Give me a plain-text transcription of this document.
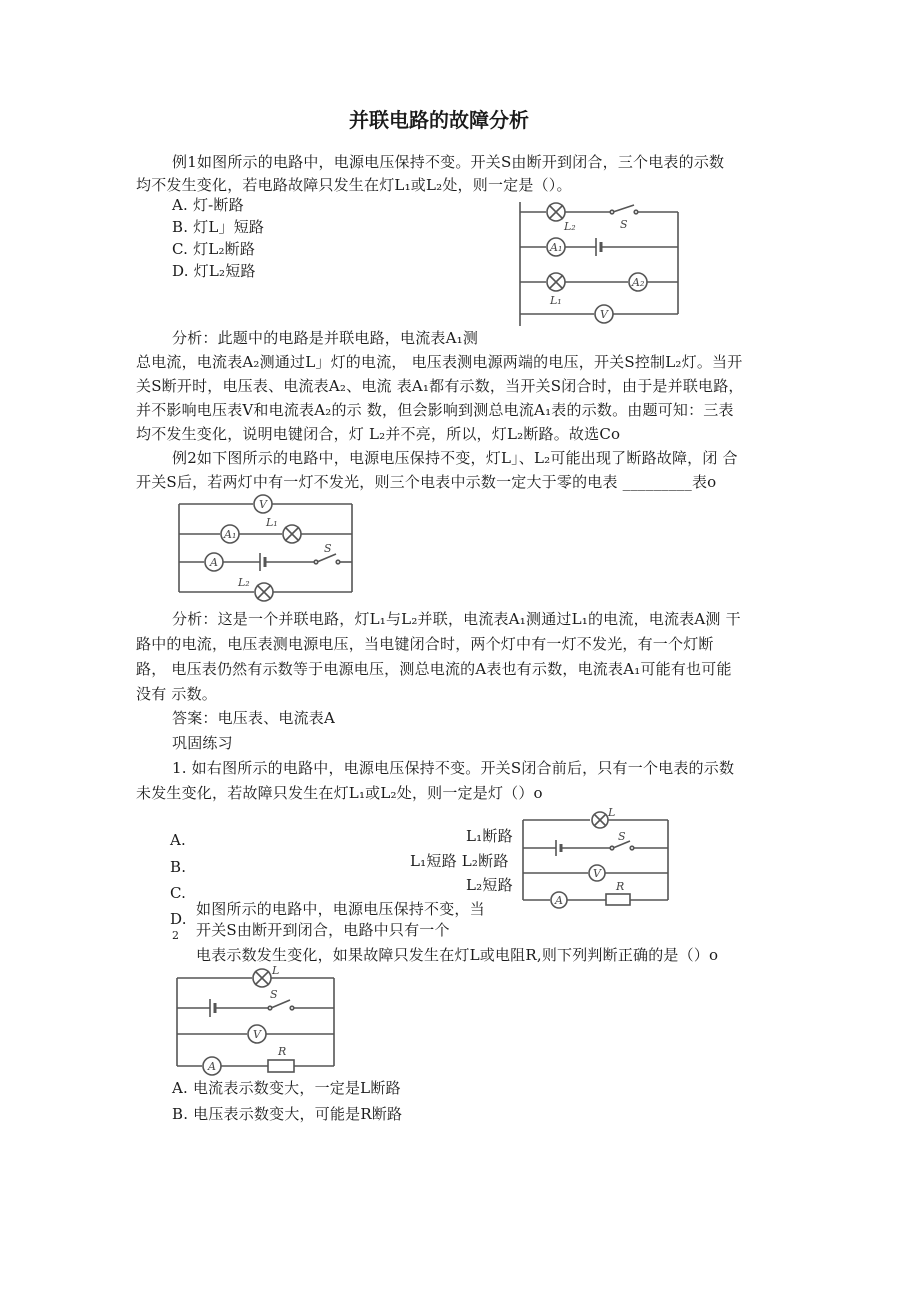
并联电路的故障分析
例1如图所示的电路中，电源电压保持不变。开关S由断开到闭合，三个电表的示数
均不发生变化，若电路故障只发生在灯L₁或L₂处，则一定是（）。
A. 灯-断路
B. 灯L」短路
C. 灯L₂断路
D. 灯L₂短路
L₂	S
A₁
A₂
L₁
V
分析：此题中的电路是并联电路，电流表A₁测
总电流，电流表A₂测通过L」灯的电流， 电压表测电源两端的电压，开关S控制L₂灯。当开
关S断开时，电压表、电流表A₂、电流 表A₁都有示数，当开关S闭合时，由于是并联电路，
并不影响电压表V和电流表A₂的示 数，但会影响到测总电流A₁表的示数。由题可知：三表
均不发生变化，说明电键闭合，灯 L₂并不亮，所以，灯L₂断路。故选Co
例2如下图所示的电路中，电源电压保持不变，灯L」、L₂可能出现了断路故障，闭 合
开关S后，若两灯中有一灯不发光，则三个电表中示数一定大于零的电表 _________表o
V
A₁
L₁
A
S
L₂
分析：这是一个并联电路，灯L₁与L₂并联，电流表A₁测通过L₁的电流，电流表A测 干
路中的电流，电压表测电源电压，当电键闭合时，两个灯中有一灯不发光，有一个灯断
路， 电压表仍然有示数等于电源电压，测总电流的A表也有示数，电流表A₁可能有也可能
没有 示数。
答案：电压表、电流表A
巩固练习
1. 如右图所示的电路中，电源电压保持不变。开关S闭合前后，只有一个电表的示数
未发生变化，若故障只发生在灯L₁或L₂处，则一定是灯（）o
A.
B.
C.
D.
L₁断路
L₁短路 L₂断路
L₂短路
L
S
V
A
R
如图所示的电路中，电源电压保持不变，当
开关S由断开到闭合，电路中只有一个
2
电表示数发生变化，如果故障只发生在灯L或电阻R,则下列判断正确的是（）o
L
S
V
A
R
A. 电流表示数变大，一定是L断路
B. 电压表示数变大，可能是R断路
